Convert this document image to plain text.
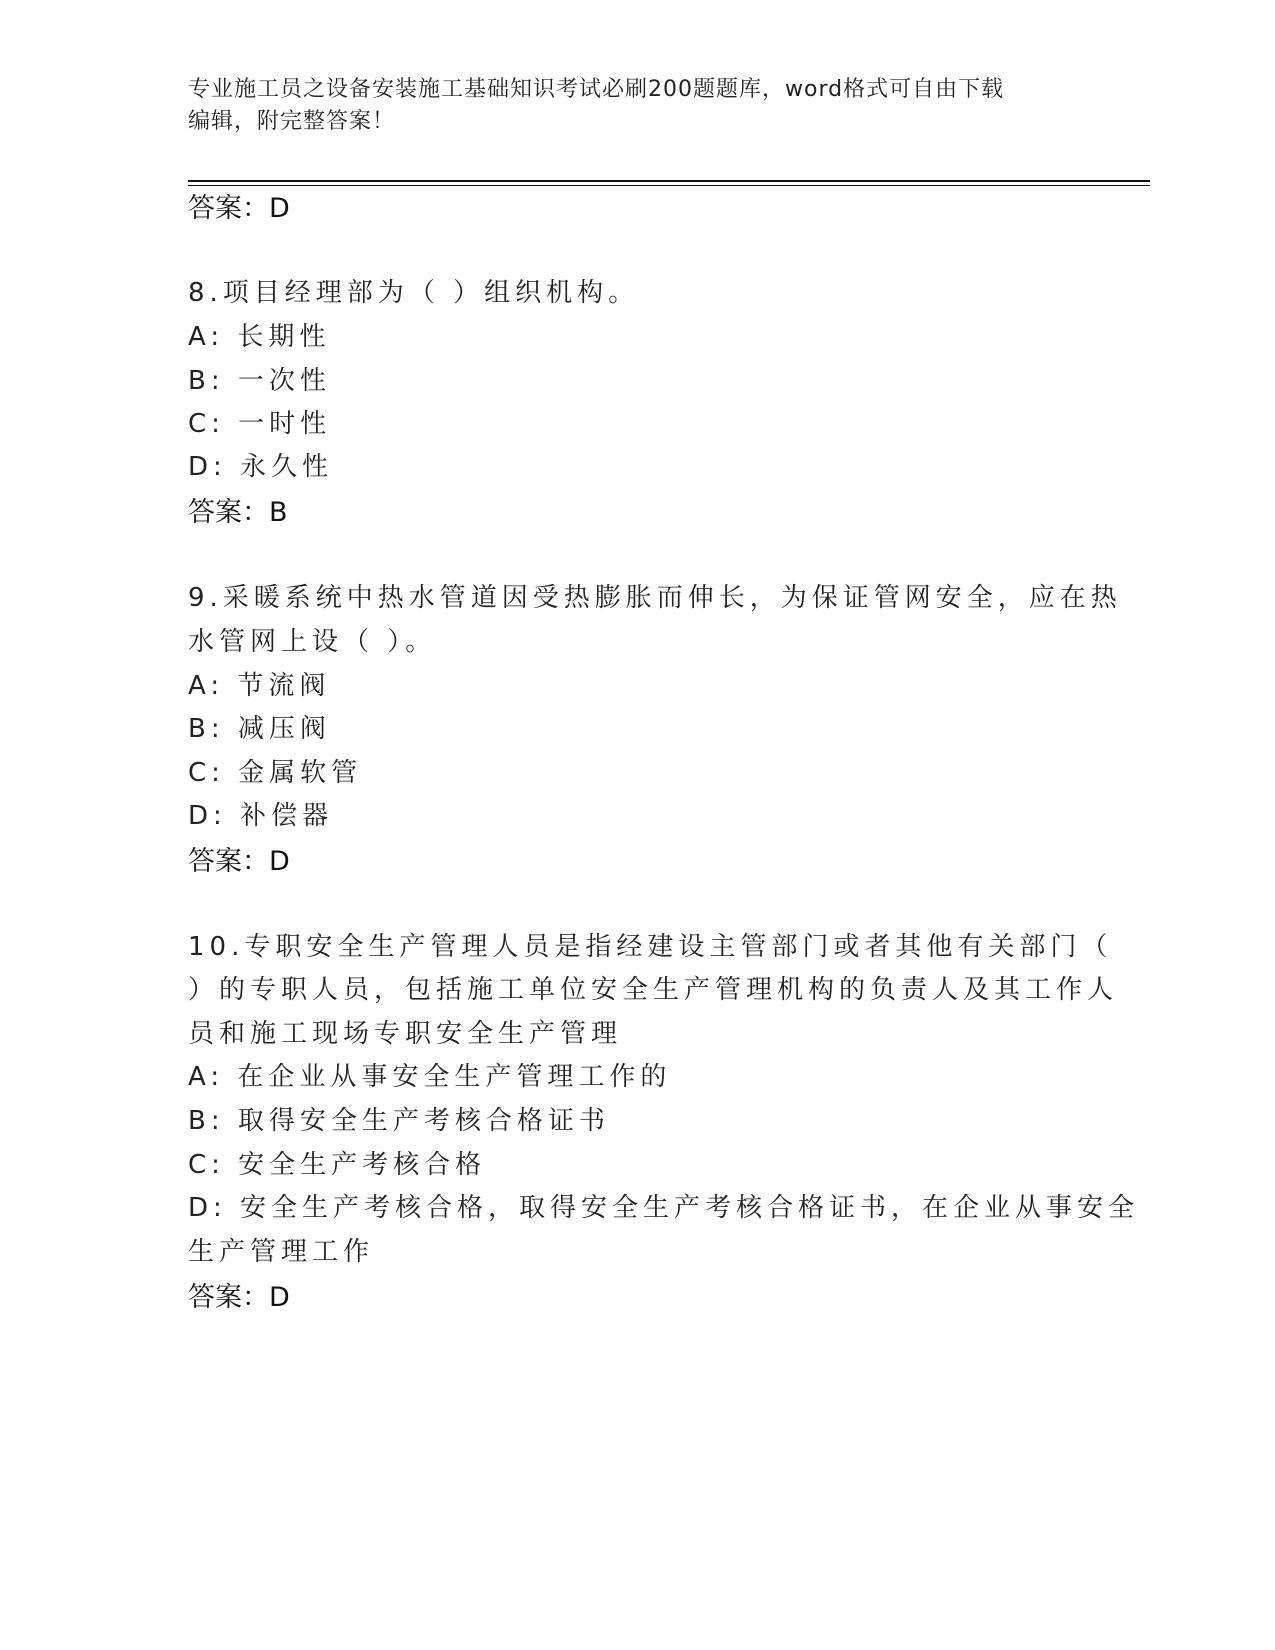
专业施工员之设备安装施工基础知识考试必刷200题题库，word格式可自由下载
编辑，附完整答案！
答案：D
8.项目经理部为（ ）组织机构。
A: 长期性
B: 一次性
C: 一时性
D: 永久性
答案：B
9.采暖系统中热水管道因受热膨胀而伸长，为保证管网安全，应在热
水管网上设（ ）。
A: 节流阀
B: 减压阀
C: 金属软管
D: 补偿器
答案：D
10.专职安全生产管理人员是指经建设主管部门或者其他有关部门（
）的专职人员，包括施工单位安全生产管理机构的负责人及其工作人
员和施工现场专职安全生产管理
A: 在企业从事安全生产管理工作的
B: 取得安全生产考核合格证书
C: 安全生产考核合格
D: 安全生产考核合格，取得安全生产考核合格证书，在企业从事安全
生产管理工作
答案：D
